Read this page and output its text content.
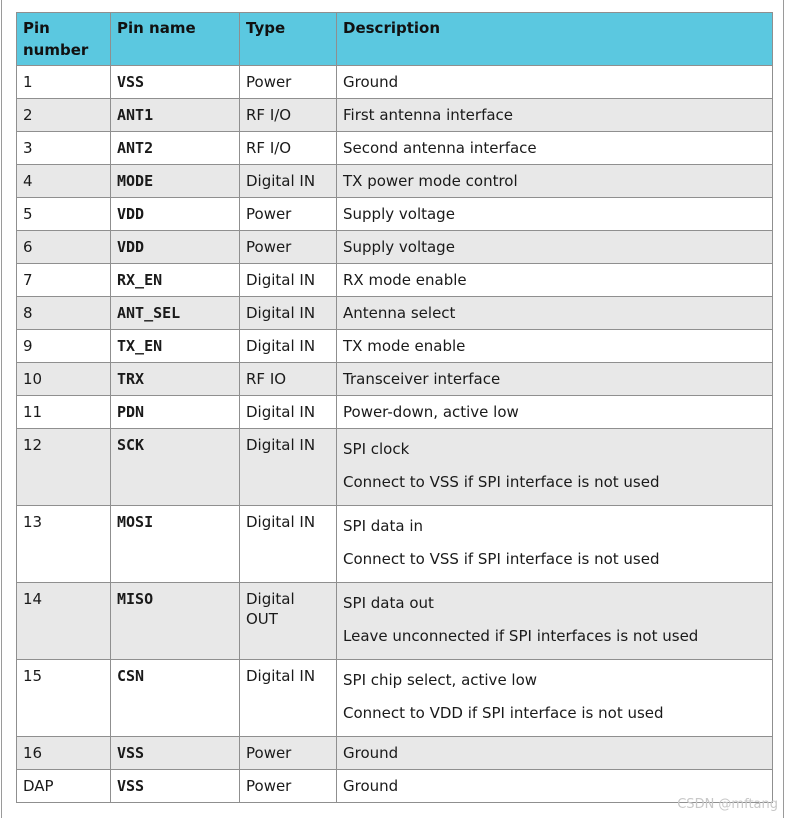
Pin number	Pin name	Type	Description
1	VSS	Power	Ground

2	ANT1	RF I/O	First antenna interface

3	ANT2	RF I/O	Second antenna interface

4	MODE	Digital IN	TX power mode control

5	VDD	Power	Supply voltage

6	VDD	Power	Supply voltage

7	RX_EN	Digital IN	RX mode enable

8	ANT_SEL	Digital IN	Antenna select

9	TX_EN	Digital IN	TX mode enable

10	TRX	RF IO	Transceiver interface

11	PDN	Digital IN	Power-down, active low

12	SCK	Digital IN	SPI clock
Connect to VSS if SPI interface is not used

13	MOSI	Digital IN	SPI data in
Connect to VSS if SPI interface is not used

14	MISO	Digital OUT	SPI data out
Leave unconnected if SPI interfaces is not used

15	CSN	Digital IN	SPI chip select, active low
Connect to VDD if SPI interface is not used

16	VSS	Power	Ground

DAP	VSS	Power	Ground
CSDN @mftang
